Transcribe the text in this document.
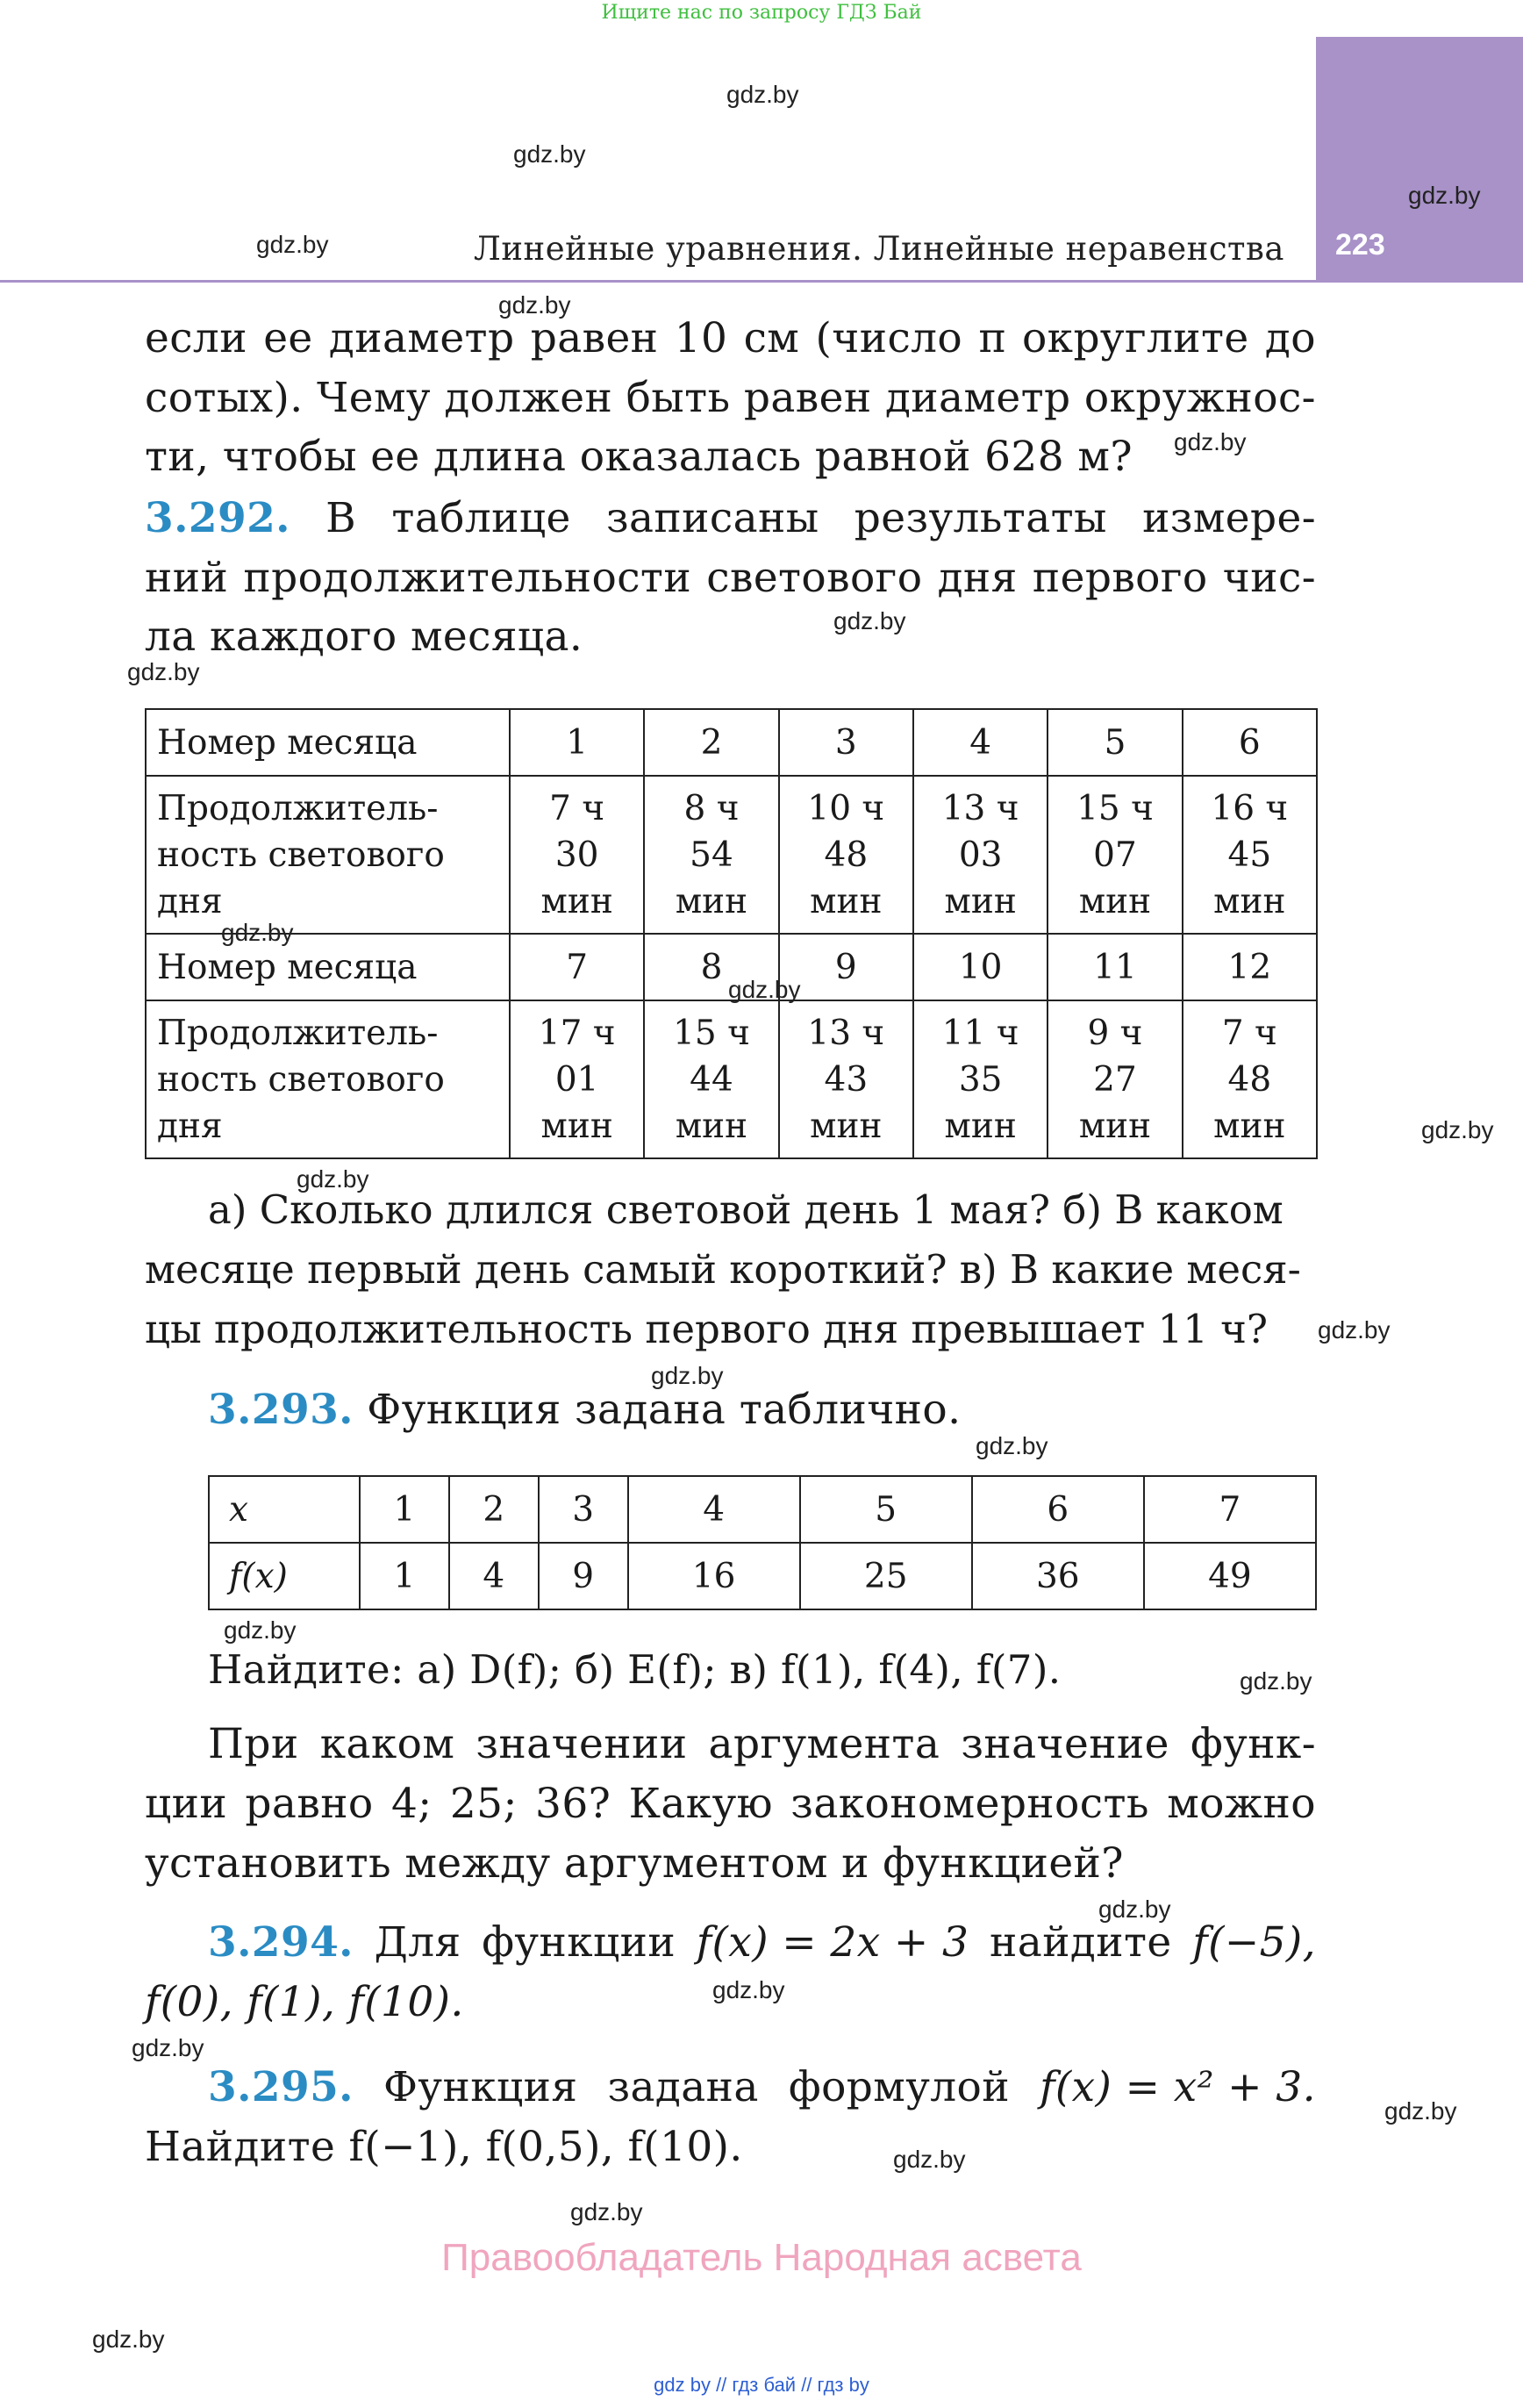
Ищите нас по запросу ГДЗ Бай
223
Линейные уравнения. Линейные неравенства
если ее диаметр равен 10 см (число π округлите до
сотых). Чему должен быть равен диаметр окружнос-
ти, чтобы ее длина оказалась равной 628 м?
3.292. В таблице записаны результаты измере-
ний продолжительности светового дня первого чис-
ла каждого месяца.
Номер месяца	1	2	3	4	5	6

Продолжитель-
ность светового
дня	7 ч
30
мин	8 ч
54
мин	10 ч
48
мин	13 ч
03
мин	15 ч
07
мин	16 ч
45
мин

Номер месяца	7	8	9	10	11	12

Продолжитель-
ность светового
дня	17 ч
01
мин	15 ч
44
мин	13 ч
43
мин	11 ч
35
мин	9 ч
27
мин	7 ч
48
мин
а) Сколько длился световой день 1 мая? б) В каком
месяце первый день самый короткий? в) В какие меся-
цы продолжительность первого дня превышает 11 ч?
3.293. Функция задана таблично.
x	1	2	3	4	5	6	7
f(x)	1	4	9	16	25	36	49
Найдите: а) D(f); б) E(f); в) f(1), f(4), f(7).
При каком значении аргумента значение функ-
ции равно 4; 25; 36? Какую закономерность можно
установить между аргументом и функцией?
3.294. Для функции f(x) = 2x + 3 найдите f(−5),
f(0), f(1), f(10).
3.295. Функция задана формулой f(x) = x² + 3.
Найдите f(−1), f(0,5), f(10).
Правообладатель Народная асвета
gdz by // гдз бай // гдз by
gdz.by
gdz.by
gdz.by
gdz.by
gdz.by
gdz.by
gdz.by
gdz.by
gdz.by
gdz.by
gdz.by
gdz.by
gdz.by
gdz.by
gdz.by
gdz.by
gdz.by
gdz.by
gdz.by
gdz.by
gdz.by
gdz.by
gdz.by
gdz.by
